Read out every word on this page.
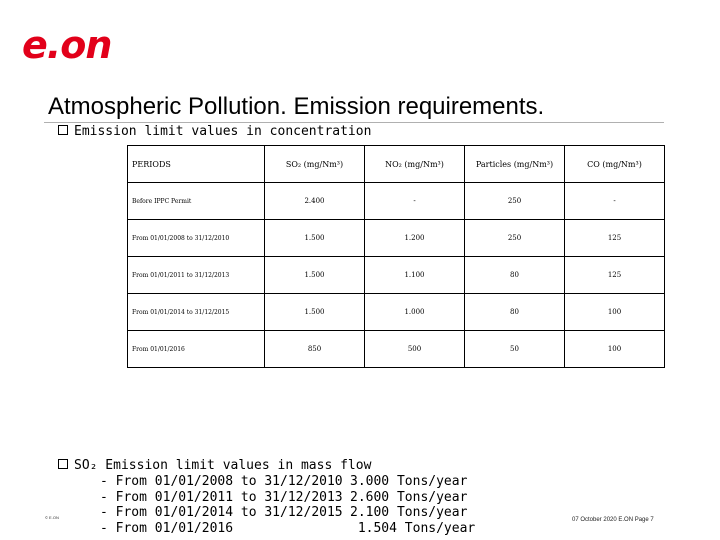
e.on
Atmospheric Pollution. Emission requirements.
Emission limit values in concentration
PERIODS	SO₂ (mg/Nm³)	NO₂ (mg/Nm³)	Particles (mg/Nm³)	CO (mg/Nm³)
Before IPPC Permit	2.400	-	250	-
From 01/01/2008 to 31/12/2010	1.500	1.200	250	125
From 01/01/2011 to 31/12/2013	1.500	1.100	80	125
From 01/01/2014 to 31/12/2015	1.500	1.000	80	100
From 01/01/2016	850	500	50	100
SO₂ Emission limit values in mass flow
- From 01/01/2008 to 31/12/2010 3.000 Tons/year
- From 01/01/2011 to 31/12/2013 2.600 Tons/year
- From 01/01/2014 to 31/12/2015 2.100 Tons/year
- From 01/01/2016	1.504 Tons/year
© E.ON	07 October 2020 E.ON Page 7
